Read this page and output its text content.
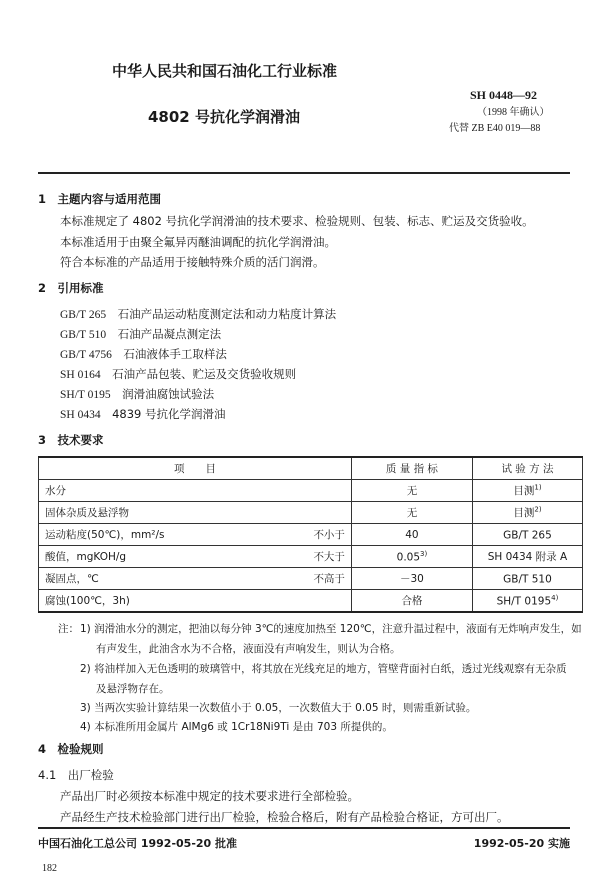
中华人民共和国石油化工行业标准
SH 0448—92
（1998 年确认）
代替 ZB E40 019—88
4802 号抗化学润滑油
1　主题内容与适用范围
本标准规定了 4802 号抗化学润滑油的技术要求、检验规则、包装、标志、贮运及交货验收。
本标准适用于由聚全氟异丙醚油调配的抗化学润滑油。
符合本标准的产品适用于接触特殊介质的活门润滑。
2　引用标准
GB/T 265　 石油产品运动粘度测定法和动力粘度计算法
GB/T 510　 石油产品凝点测定法
GB/T 4756　 石油液体手工取样法
SH 0164　 石油产品包装、贮运及交货验收规则
SH/T 0195　 润滑油腐蚀试验法
SH 0434　 4839 号抗化学润滑油
3　技术要求
项　　目		质 量 指 标	试 验 方 法
水分		无	目测$^{1)}$
固体杂质及悬浮物		无	目测$^{2)}$
运动粘度(50℃)，mm²/s	不小于	40	GB/T 265
酸值，mgKOH/g	不大于	0.05$^{3)}$	SH 0434 附录 A
凝固点，℃	不高于	－30	GB/T 510
腐蚀(100℃，3h)		合格	SH/T 0195$^{4)}$
注： 1) 润滑油水分的测定，把油以每分钟 3℃的速度加热至 120℃，注意升温过程中，液面有无炸响声发生，如
有声发生，此油含水为不合格，液面没有声响发生，则认为合格。
2) 将油样加入无色透明的玻璃管中，将其放在光线充足的地方，管壁背面衬白纸，透过光线观察有无杂质
及悬浮物存在。
3) 当两次实验计算结果一次数值小于 0.05，一次数值大于 0.05 时，则需重新试验。
4) 本标准所用金属片 AlMg6 或 1Cr18Ni9Ti 是由 703 所提供的。
4　检验规则
4.1　出厂检验
产品出厂时必须按本标准中规定的技术要求进行全部检验。
产品经生产技术检验部门进行出厂检验，检验合格后，附有产品检验合格证，方可出厂。
中国石油化工总公司 1992-05-20 批准	1992-05-20 实施
182
